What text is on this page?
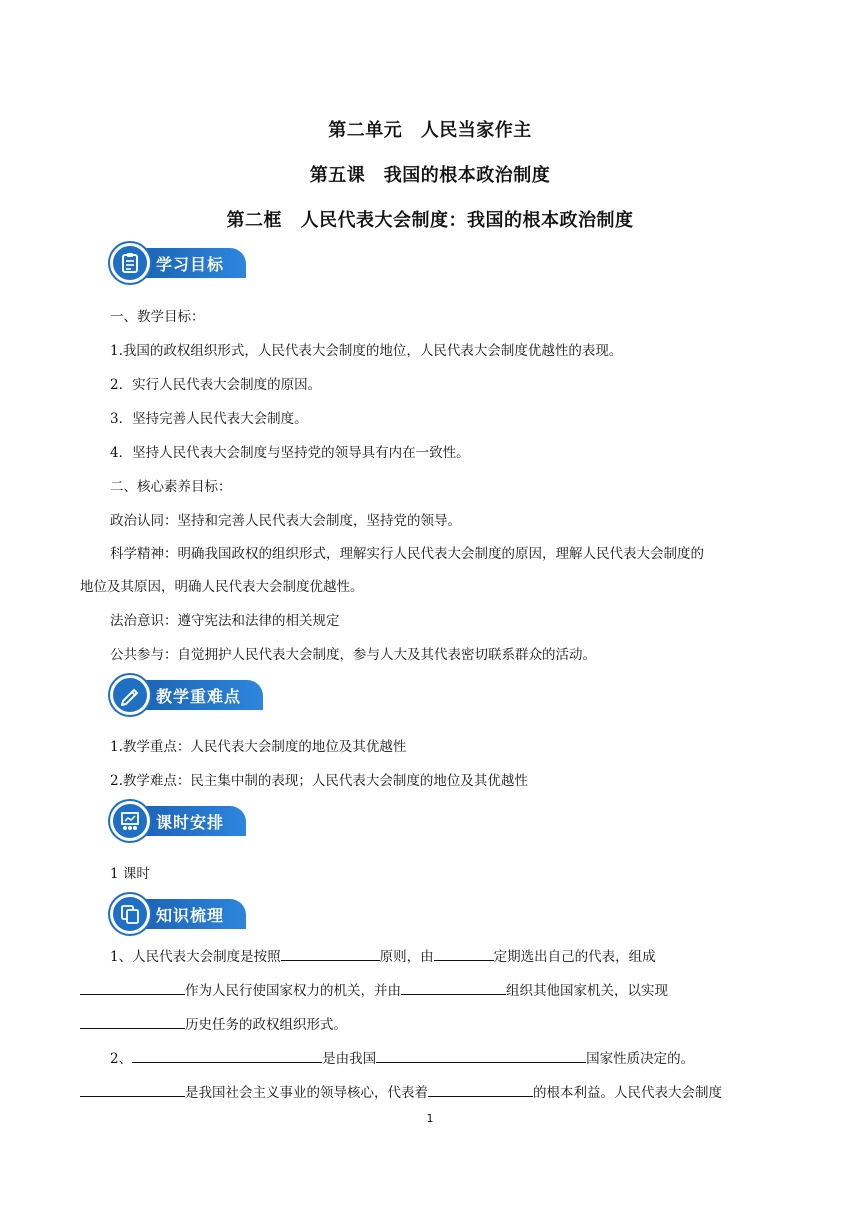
第二单元　人民当家作主
第五课　我国的根本政治制度
第二框　人民代表大会制度：我国的根本政治制度
学习目标
一、教学目标：
1.我国的政权组织形式，人民代表大会制度的地位，人民代表大会制度优越性的表现。
2．实行人民代表大会制度的原因。
3．坚持完善人民代表大会制度。
4．坚持人民代表大会制度与坚持党的领导具有内在一致性。
二、核心素养目标：
政治认同：坚持和完善人民代表大会制度，坚持党的领导。
科学精神：明确我国政权的组织形式，理解实行人民代表大会制度的原因，理解人民代表大会制度的
地位及其原因，明确人民代表大会制度优越性。
法治意识：遵守宪法和法律的相关规定
公共参与：自觉拥护人民代表大会制度，参与人大及其代表密切联系群众的活动。
教学重难点
1.教学重点：人民代表大会制度的地位及其优越性
2.教学难点：民主集中制的表现；人民代表大会制度的地位及其优越性
课时安排
1 课时
知识梳理
1、人民代表大会制度是按照	原则，由	定期选出自己的代表，组成
作为人民行使国家权力的机关，并由	组织其他国家机关，以实现
历史任务的政权组织形式。
2、	是由我国	国家性质决定的。
是我国社会主义事业的领导核心，代表着	的根本利益。人民代表大会制度
1
